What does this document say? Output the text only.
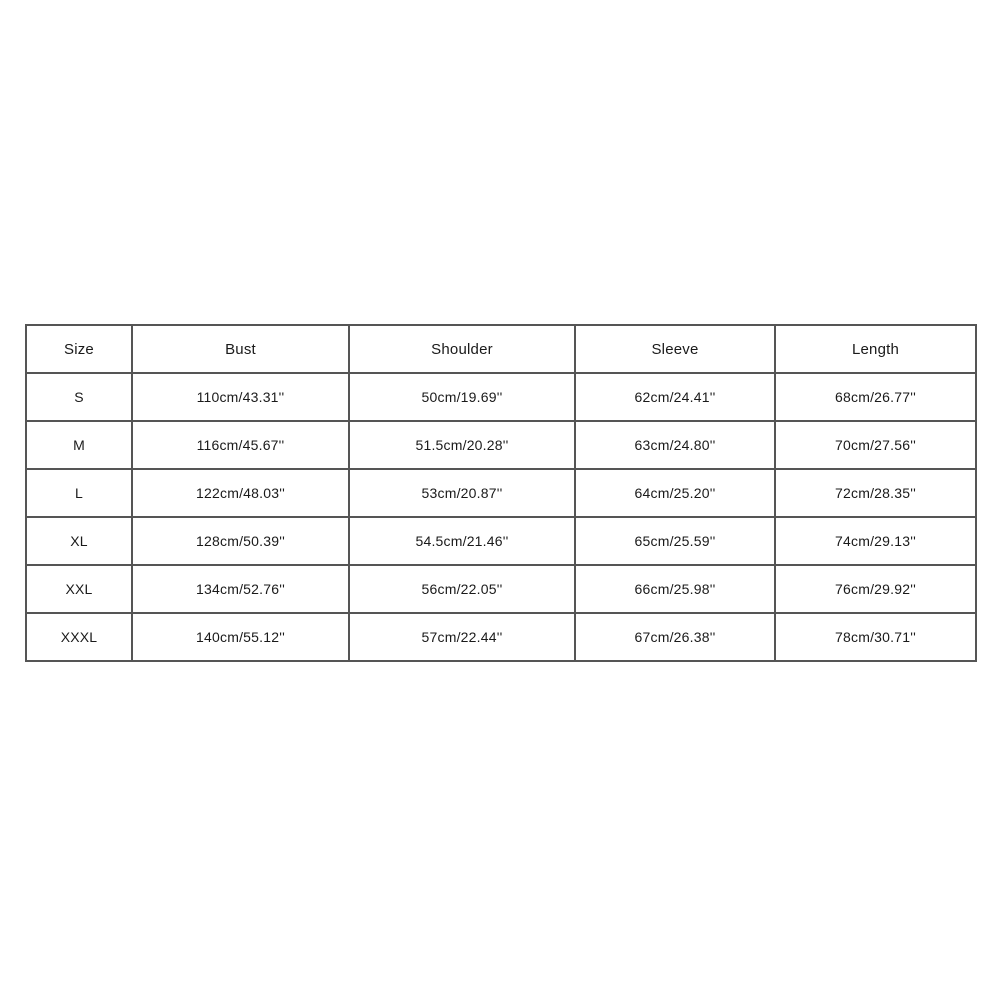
Size	Bust	Shoulder	Sleeve	Length
S	110cm/43.31''	50cm/19.69''	62cm/24.41''	68cm/26.77''
M	116cm/45.67''	51.5cm/20.28''	63cm/24.80''	70cm/27.56''
L	122cm/48.03''	53cm/20.87''	64cm/25.20''	72cm/28.35''
XL	128cm/50.39''	54.5cm/21.46''	65cm/25.59''	74cm/29.13''
XXL	134cm/52.76''	56cm/22.05''	66cm/25.98''	76cm/29.92''
XXXL	140cm/55.12''	57cm/22.44''	67cm/26.38''	78cm/30.71''
